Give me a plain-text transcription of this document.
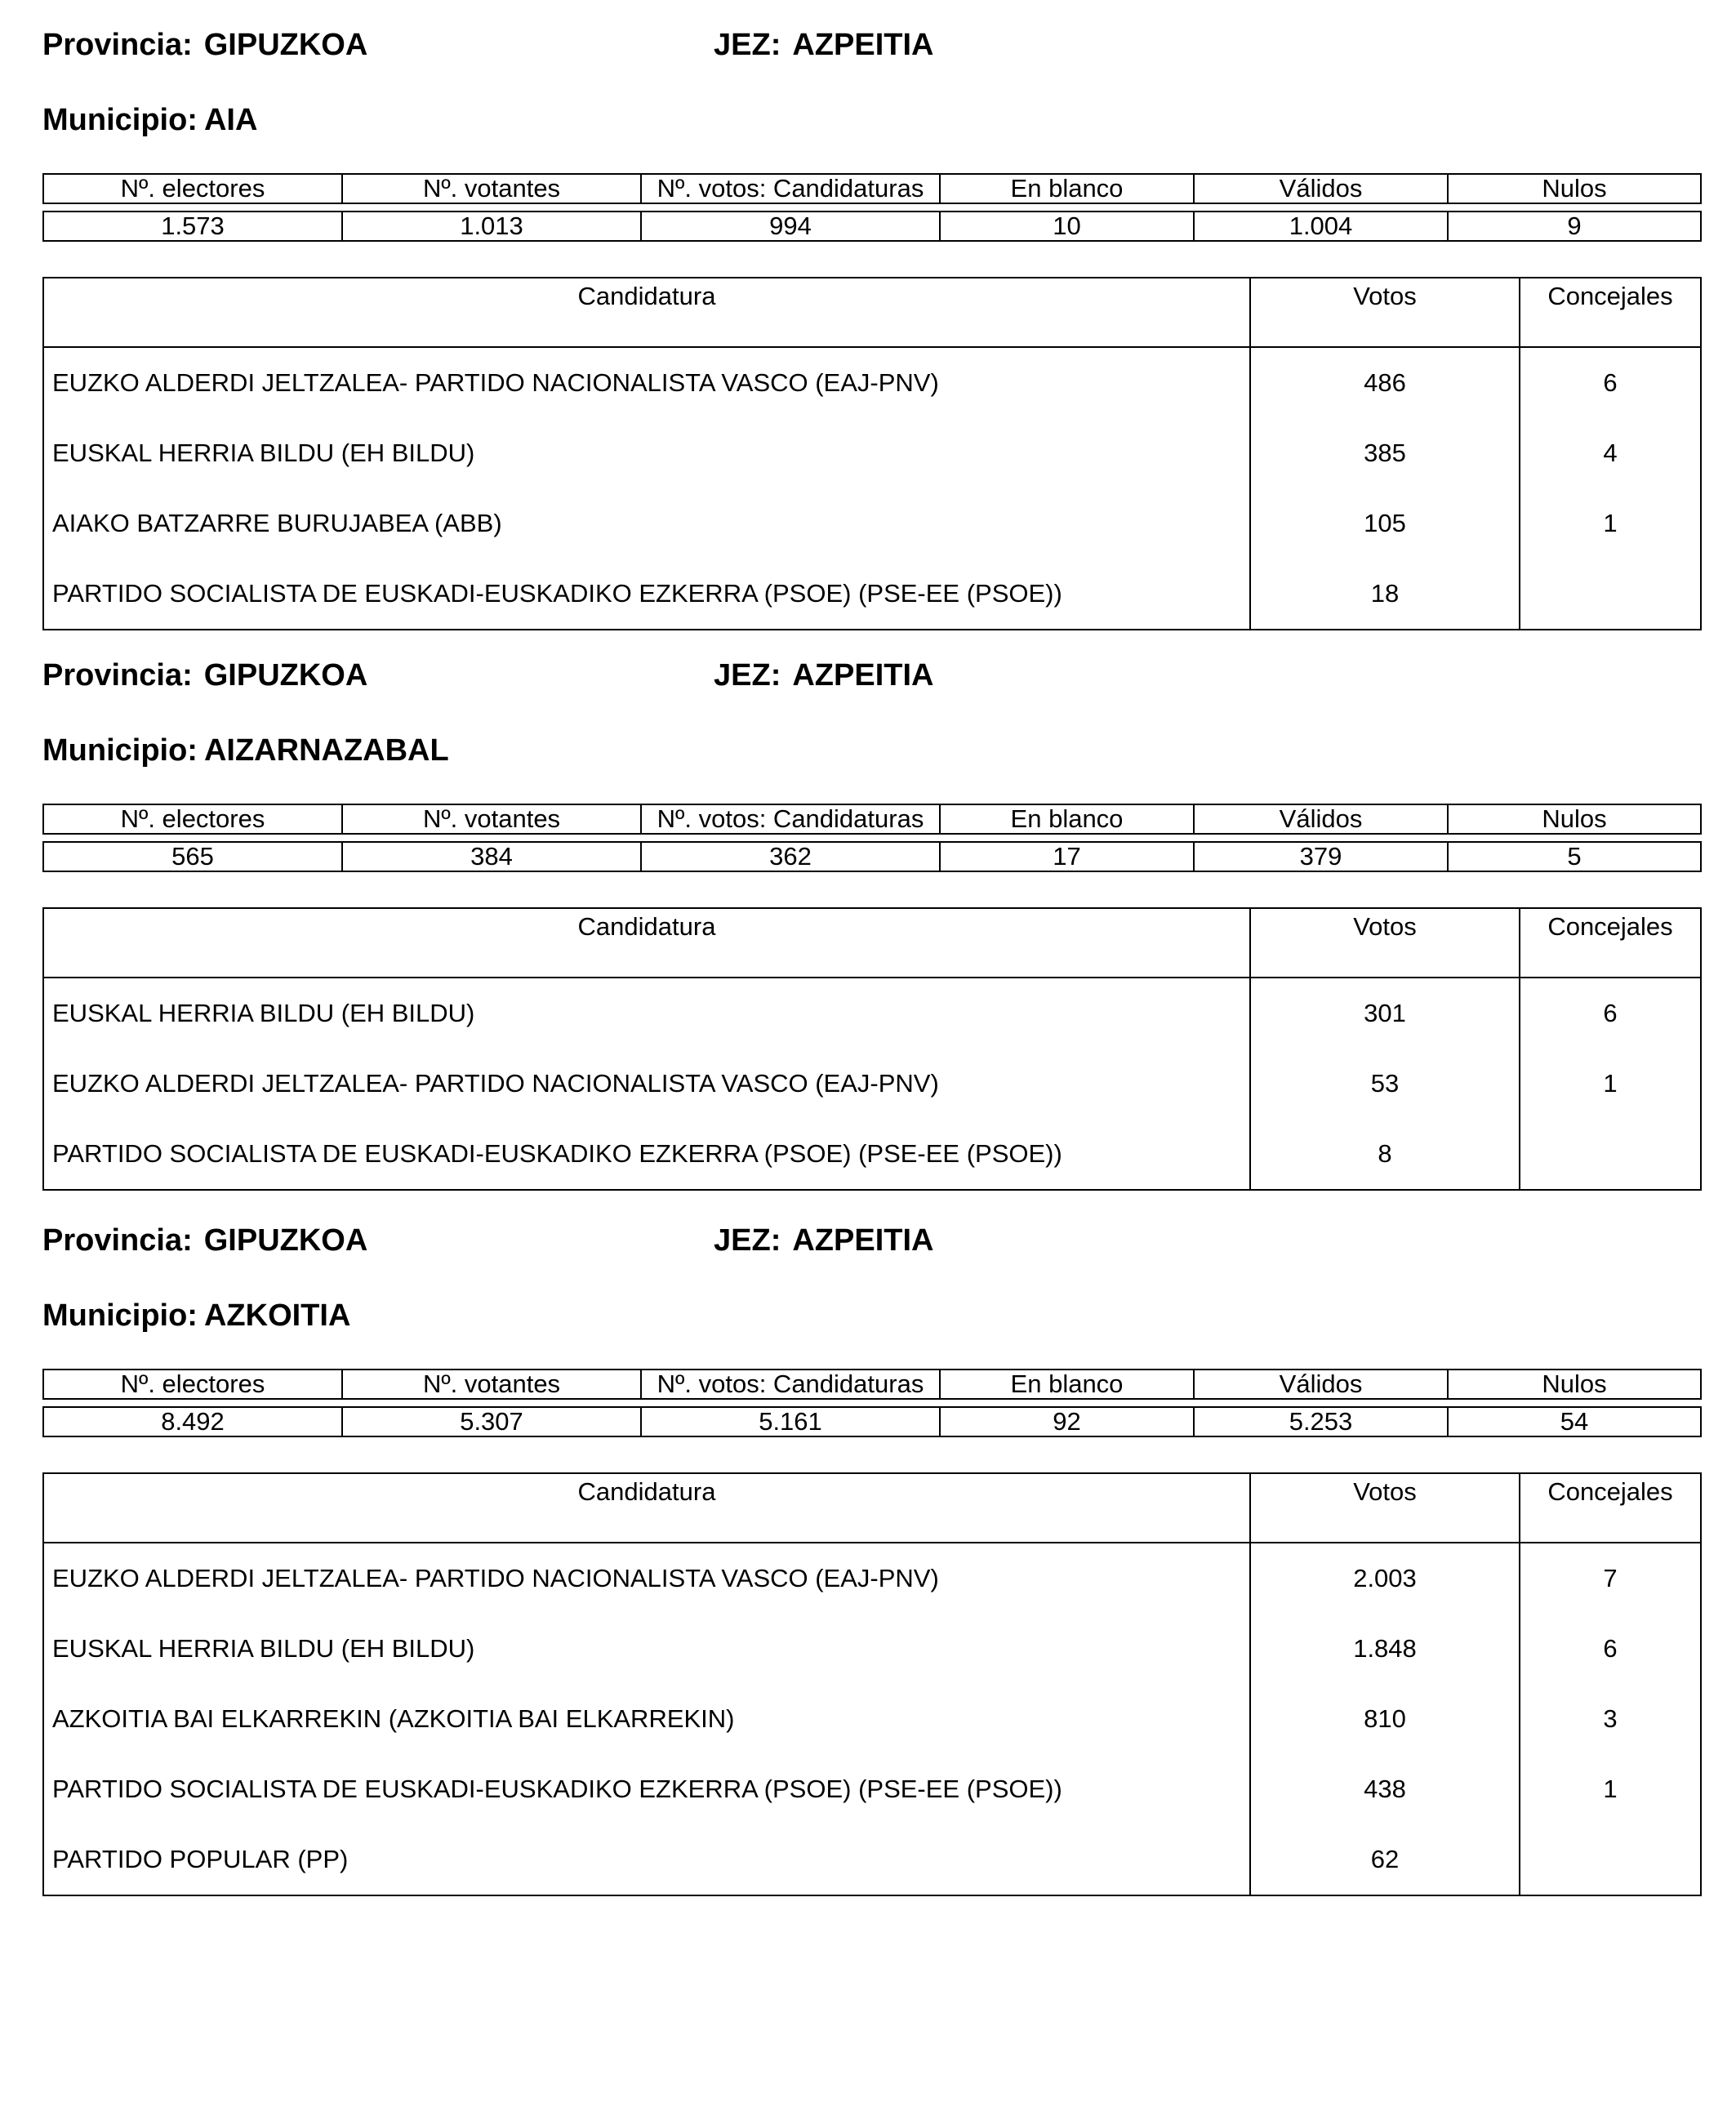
Provincia: GIPUZKOA	JEZ: AZPEITIA
Municipio: AIA
Nº. electores	Nº. votantes	Nº. votos: Candidaturas	En blanco	Válidos	Nulos

1.573	1.013	994	10	1.004	9
Candidatura	Votos	Concejales
EUZKO ALDERDI JELTZALEA- PARTIDO NACIONALISTA VASCO (EAJ-PNV)	486	6
EUSKAL HERRIA BILDU (EH BILDU)	385	4
AIAKO BATZARRE BURUJABEA (ABB)	105	1
PARTIDO SOCIALISTA DE EUSKADI-EUSKADIKO EZKERRA (PSOE) (PSE-EE (PSOE))	18	
Provincia: GIPUZKOA	JEZ: AZPEITIA
Municipio: AIZARNAZABAL
Nº. electores	Nº. votantes	Nº. votos: Candidaturas	En blanco	Válidos	Nulos

565	384	362	17	379	5
Candidatura	Votos	Concejales
EUSKAL HERRIA BILDU (EH BILDU)	301	6
EUZKO ALDERDI JELTZALEA- PARTIDO NACIONALISTA VASCO (EAJ-PNV)	53	1
PARTIDO SOCIALISTA DE EUSKADI-EUSKADIKO EZKERRA (PSOE) (PSE-EE (PSOE))	8	
Provincia: GIPUZKOA	JEZ: AZPEITIA
Municipio: AZKOITIA
Nº. electores	Nº. votantes	Nº. votos: Candidaturas	En blanco	Válidos	Nulos

8.492	5.307	5.161	92	5.253	54
Candidatura	Votos	Concejales
EUZKO ALDERDI JELTZALEA- PARTIDO NACIONALISTA VASCO (EAJ-PNV)	2.003	7
EUSKAL HERRIA BILDU (EH BILDU)	1.848	6
AZKOITIA BAI ELKARREKIN (AZKOITIA BAI ELKARREKIN)	810	3
PARTIDO SOCIALISTA DE EUSKADI-EUSKADIKO EZKERRA (PSOE) (PSE-EE (PSOE))	438	1
PARTIDO POPULAR (PP)	62	
